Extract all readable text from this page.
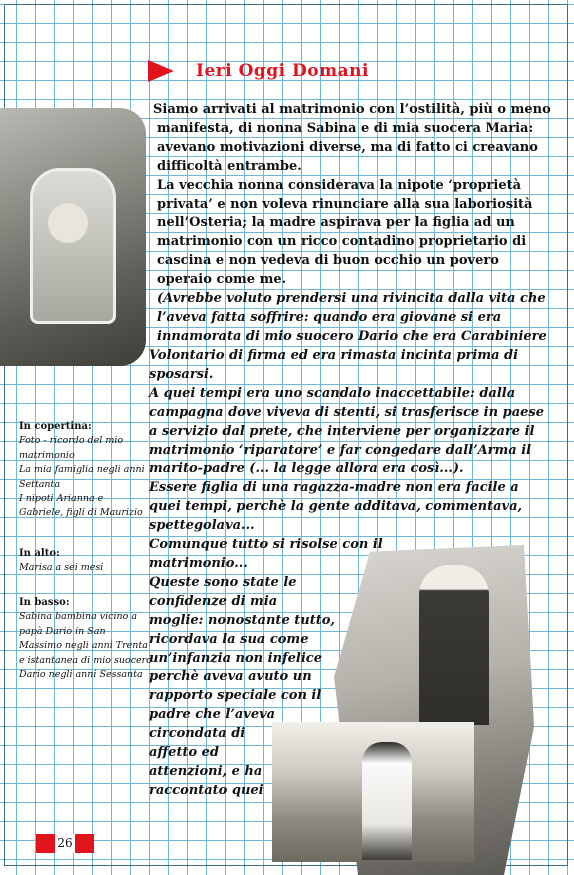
Ieri Oggi Domani

Siamo arrivati al matrimonio con l’ostilità, più o meno

manifesta, di nonna Sabina e di mia suocera Maria:

avevano motivazioni diverse, ma di fatto ci creavano

difficoltà entrambe.

La vecchia nonna considerava la nipote ‘proprietà

privata’ e non voleva rinunciare alla sua laboriosità

nell’Osteria; la madre aspirava per la figlia ad un

matrimonio con un ricco contadino proprietario di

cascina e non vedeva di buon occhio un povero

operaio come me.

(Avrebbe voluto prendersi una rivincita dalla vita che

l’aveva fatta soffrire: quando era giovane si era

innamorata di mio suocero Dario che era Carabiniere

Volontario di firma ed era rimasta incinta prima di

sposarsi.

A quei tempi era uno scandalo inaccettabile: dalla

campagna dove viveva di stenti, si trasferisce in paese

a servizio dal prete, che interviene per organizzare il

matrimonio ‘riparatore’ e far congedare dall’Arma il

marito-padre (... la legge allora era così...).

Essere figlia di una ragazza-madre non era facile a

quei tempi, perchè la gente additava, commentava,

spettegolava...

Comunque tutto si risolse con il

matrimonio...

Queste sono state le

confidenze di mia

moglie: nonostante tutto,

ricordava la sua come

un’infanzia non infelice

perchè aveva avuto un

rapporto speciale con il

padre che l’aveva

circondata di

affetto ed

attenzioni, e ha

raccontato quei

In copertina:
Foto - ricordo del mio
matrimonio
La mia famiglia negli anni
Settanta
I nipoti Arianna e
Gabriele, figli di Maurizio
In alto:
Marisa a sei mesi
In basso:
Sabina bambina vicino a
papà Dario in San
Massimo negli anni Trenta
e istantanea di mio suocero
Dario negli anni Sessanta
26
